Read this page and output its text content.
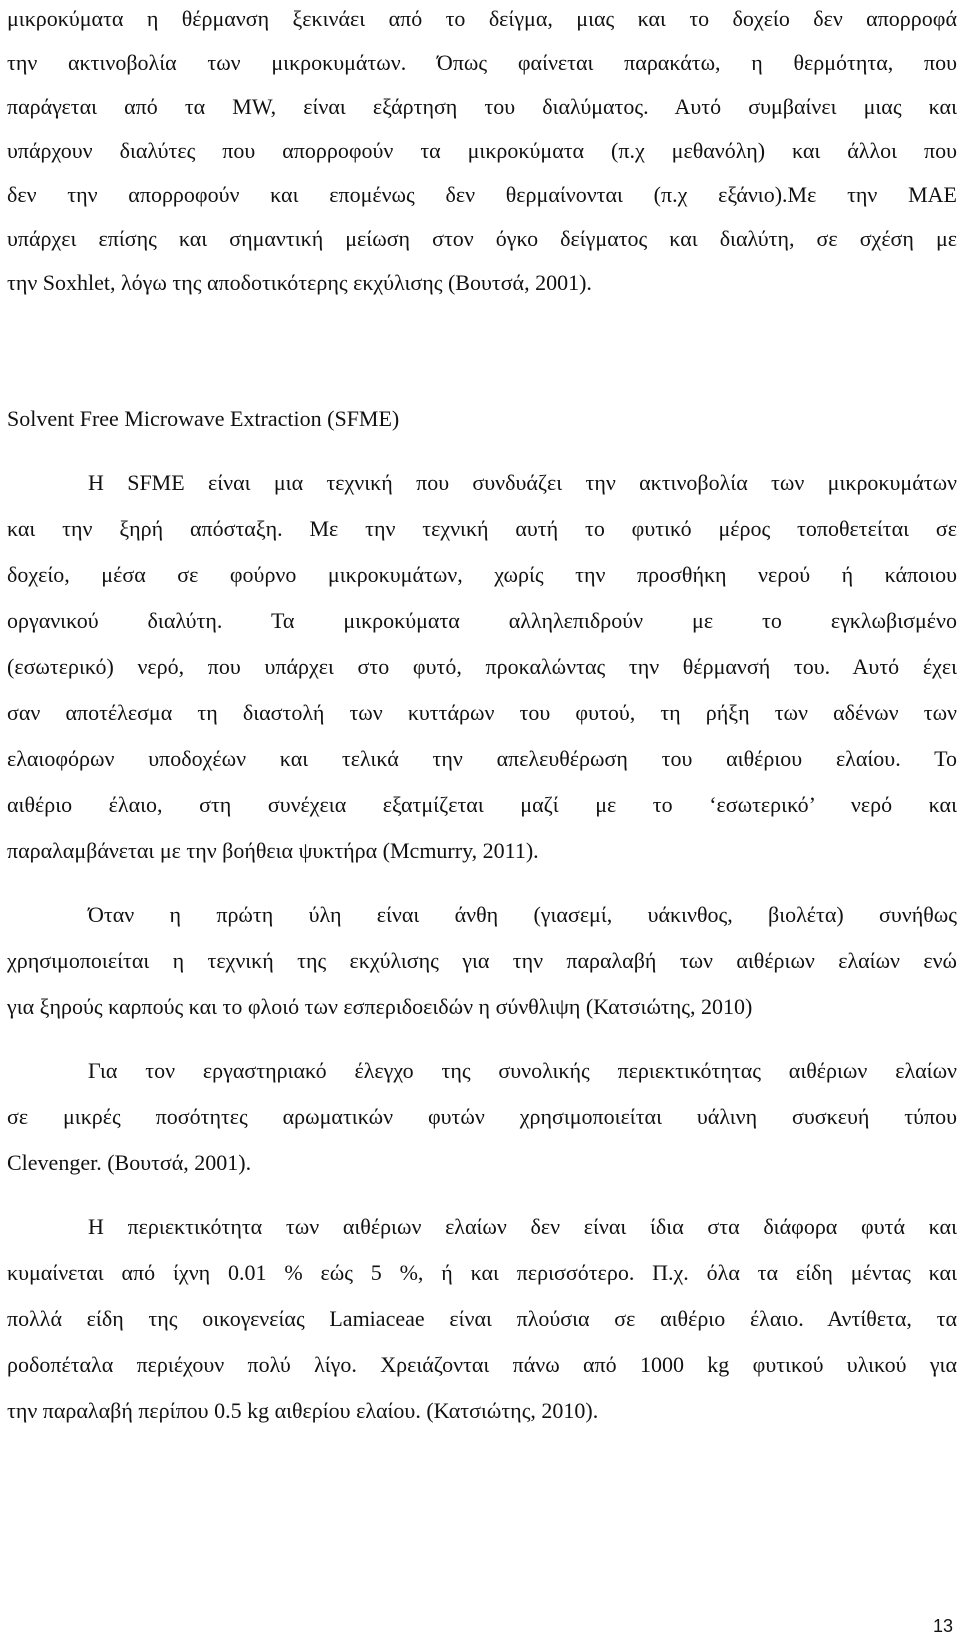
μικροκύματα η θέρμανση ξεκινάει από το δείγμα, μιας και το δοχείο δεν απορροφά
την ακτινοβολία των μικροκυμάτων. Όπως φαίνεται παρακάτω, η θερμότητα, που
παράγεται από τα MW, είναι εξάρτηση του διαλύματος. Αυτό συμβαίνει μιας και
υπάρχουν διαλύτες που απορροφούν τα μικροκύματα (π.χ μεθανόλη) και άλλοι που
δεν την απορροφούν και επομένως δεν θερμαίνονται (π.χ εξάνιο).Με την MAE
υπάρχει επίσης και σημαντική μείωση στον όγκο δείγματος και διαλύτη, σε σχέση με
την Soxhlet, λόγω της αποδοτικότερης εκχύλισης (Βουτσά, 2001).
Solvent Free Microwave Extraction (SFME)
Η SFME είναι μια τεχνική που συνδυάζει την ακτινοβολία των μικροκυμάτων
και την ξηρή απόσταξη. Με την τεχνική αυτή το φυτικό μέρος τοποθετείται σε
δοχείο, μέσα σε φούρνο μικροκυμάτων, χωρίς την προσθήκη νερού ή κάποιου
οργανικού διαλύτη. Τα μικροκύματα αλληλεπιδρούν με το εγκλωβισμένο
(εσωτερικό) νερό, που υπάρχει στο φυτό, προκαλώντας την θέρμανσή του. Αυτό έχει
σαν αποτέλεσμα τη διαστολή των κυττάρων του φυτού, τη ρήξη των αδένων των
ελαιοφόρων υποδοχέων και τελικά την απελευθέρωση του αιθέριου ελαίου. Το
αιθέριο έλαιο, στη συνέχεια εξατμίζεται μαζί με το ‘εσωτερικό’ νερό και
παραλαμβάνεται με την βοήθεια ψυκτήρα (Mcmurry, 2011).
Όταν η πρώτη ύλη είναι άνθη (γιασεμί, υάκινθος, βιολέτα) συνήθως
χρησιμοποιείται η τεχνική της εκχύλισης για την παραλαβή των αιθέριων ελαίων ενώ
για ξηρούς καρπούς και το φλοιό των εσπεριδοειδών η σύνθλιψη (Κατσιώτης, 2010)
Για τον εργαστηριακό έλεγχο της συνολικής περιεκτικότητας αιθέριων ελαίων
σε μικρές ποσότητες αρωματικών φυτών χρησιμοποιείται υάλινη συσκευή τύπου
Clevenger. (Βουτσά, 2001).
Η περιεκτικότητα των αιθέριων ελαίων δεν είναι ίδια στα διάφορα φυτά και
κυμαίνεται από ίχνη 0.01 % εώς 5 %, ή και περισσότερο. Π.χ. όλα τα είδη μέντας και
πολλά είδη της οικογενείας Lamiaceae είναι πλούσια σε αιθέριο έλαιο. Αντίθετα, τα
ροδοπέταλα περιέχουν πολύ λίγο. Χρειάζονται πάνω από 1000 kg φυτικού υλικού για
την παραλαβή περίπου 0.5 kg αιθερίου ελαίου. (Κατσιώτης, 2010).
13
